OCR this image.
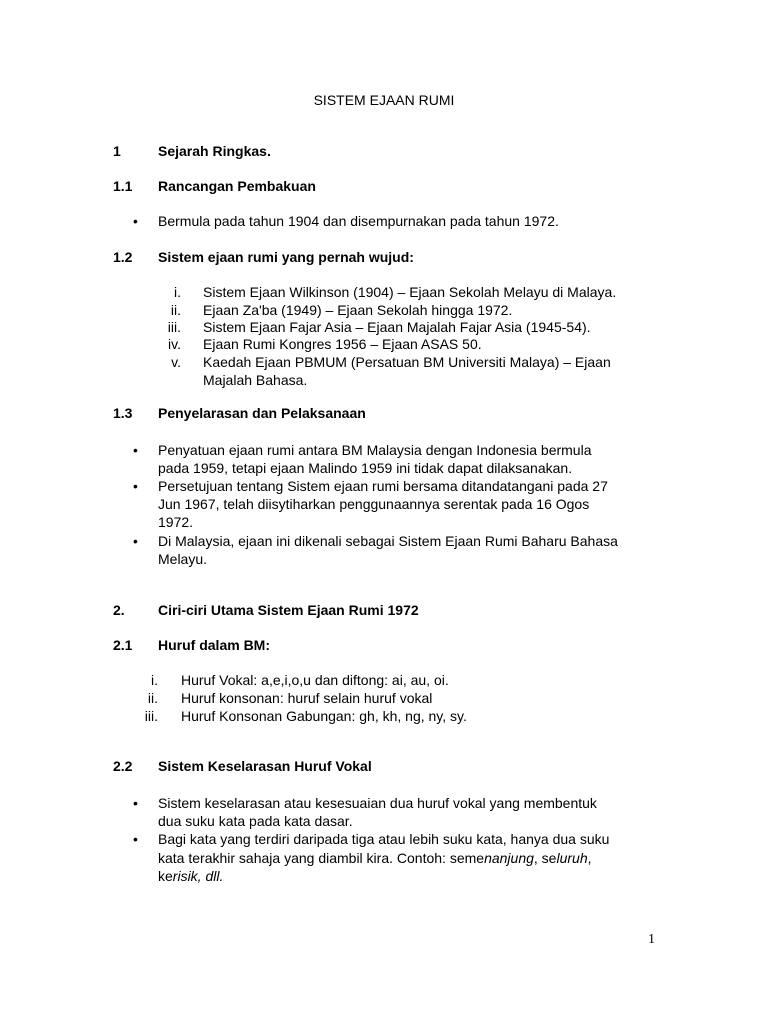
SISTEM EJAAN RUMI
1	Sejarah Ringkas.
1.1 Rancangan Pembakuan
• Bermula pada tahun 1904 dan disempurnakan pada tahun 1972.
1.2 Sistem ejaan rumi yang pernah wujud:
i. Sistem Ejaan Wilkinson (1904) – Ejaan Sekolah Melayu di Malaya.
ii. Ejaan Za'ba (1949) – Ejaan Sekolah hingga 1972.
iii. Sistem Ejaan Fajar Asia – Ejaan Majalah Fajar Asia (1945-54).
iv. Ejaan Rumi Kongres 1956 – Ejaan ASAS 50.
v. Kaedah Ejaan PBMUM (Persatuan BM Universiti Malaya) – Ejaan
Majalah Bahasa.
1.3 Penyelarasan dan Pelaksanaan
• Penyatuan ejaan rumi antara BM Malaysia dengan Indonesia bermula
pada 1959, tetapi ejaan Malindo 1959 ini tidak dapat dilaksanakan.
• Persetujuan tentang Sistem ejaan rumi bersama ditandatangani pada 27
Jun 1967, telah diisytiharkan penggunaannya serentak pada 16 Ogos
1972.
• Di Malaysia, ejaan ini dikenali sebagai Sistem Ejaan Rumi Baharu Bahasa
Melayu.
2. Ciri-ciri Utama Sistem Ejaan Rumi 1972
2.1 Huruf dalam BM:
i. Huruf Vokal: a,e,i,o,u dan diftong: ai, au, oi.
ii. Huruf konsonan: huruf selain huruf vokal
iii. Huruf Konsonan Gabungan: gh, kh, ng, ny, sy.
2.2 Sistem Keselarasan Huruf Vokal
• Sistem keselarasan atau kesesuaian dua huruf vokal yang membentuk
dua suku kata pada kata dasar.
• Bagi kata yang terdiri daripada tiga atau lebih suku kata, hanya dua suku
kata terakhir sahaja yang diambil kira. Contoh: semenanjung, seluruh,
kerisik, dll.
1
